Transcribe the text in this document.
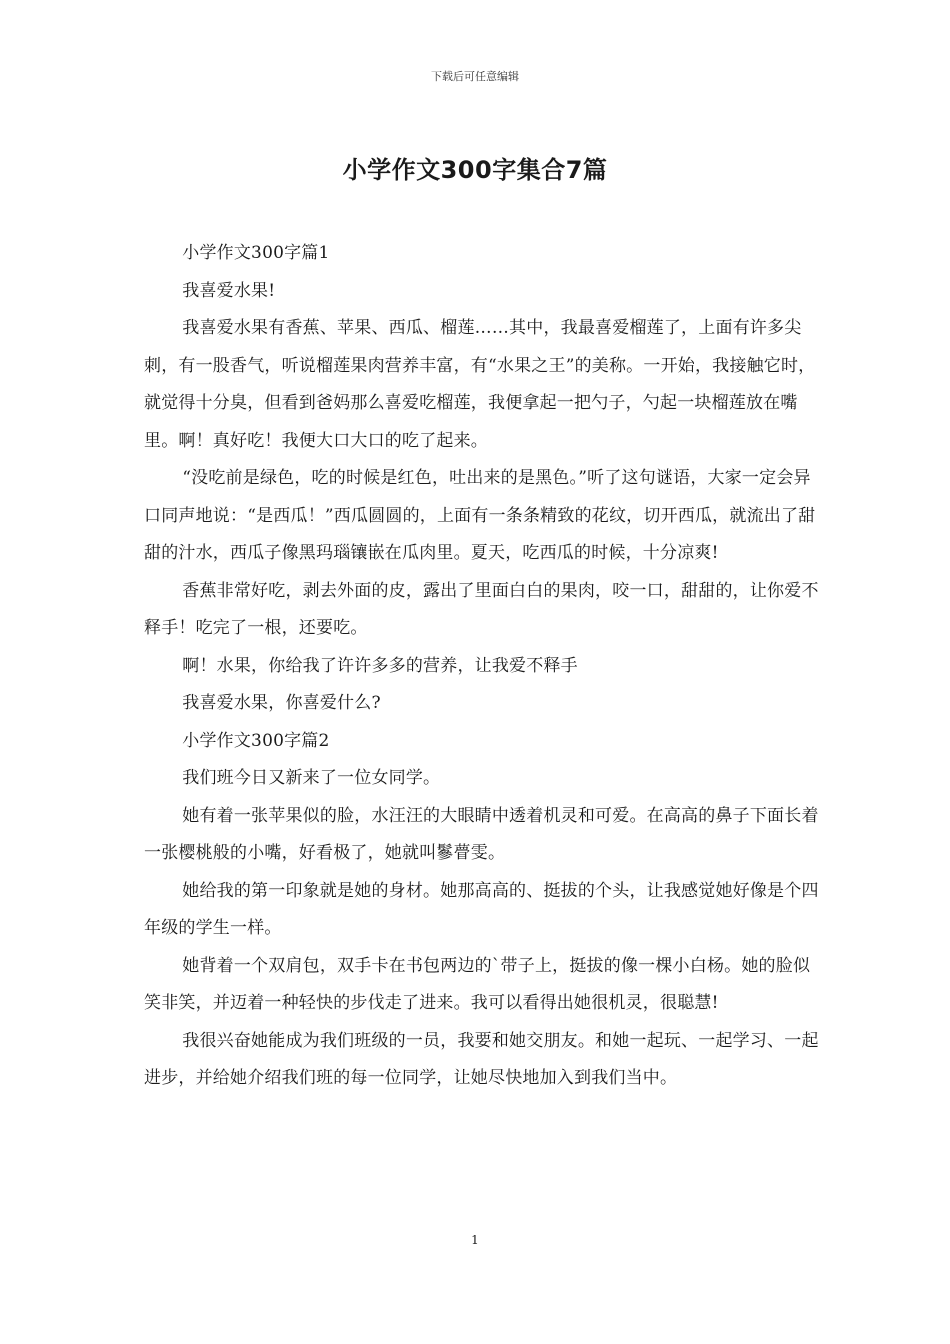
下载后可任意编辑
小学作文300字集合7篇

小学作文300字篇1

我喜爱水果!

我喜爱水果有香蕉、苹果、西瓜、榴莲……其中，我最喜爱榴莲了，上面有许多尖刺，有一股香气，听说榴莲果肉营养丰富，有“水果之王”的美称。一开始，我接触它时，就觉得十分臭，但看到爸妈那么喜爱吃榴莲，我便拿起一把勺子，勺起一块榴莲放在嘴里。啊！真好吃！我便大口大口的吃了起来。

“没吃前是绿色，吃的时候是红色，吐出来的是黑色。”听了这句谜语，大家一定会异口同声地说：“是西瓜！”西瓜圆圆的，上面有一条条精致的花纹，切开西瓜，就流出了甜甜的汁水，西瓜子像黑玛瑙镶嵌在瓜肉里。夏天，吃西瓜的时候，十分凉爽!

香蕉非常好吃，剥去外面的皮，露出了里面白白的果肉，咬一口，甜甜的，让你爱不释手！吃完了一根，还要吃。

啊！水果，你给我了许许多多的营养，让我爱不释手

我喜爱水果，你喜爱什么?

小学作文300字篇2

我们班今日又新来了一位女同学。

她有着一张苹果似的脸，水汪汪的大眼睛中透着机灵和可爱。在高高的鼻子下面长着一张樱桃般的小嘴，好看极了，她就叫鬖瞢雯。

她给我的第一印象就是她的身材。她那高高的、挺拔的个头，让我感觉她好像是个四年级的学生一样。

她背着一个双肩包，双手卡在书包两边的`带子上，挺拔的像一棵小白杨。她的脸似笑非笑，并迈着一种轻快的步伐走了进来。我可以看得出她很机灵，很聪慧!

我很兴奋她能成为我们班级的一员，我要和她交朋友。和她一起玩、一起学习、一起进步，并给她介绍我们班的每一位同学，让她尽快地加入到我们当中。

1
